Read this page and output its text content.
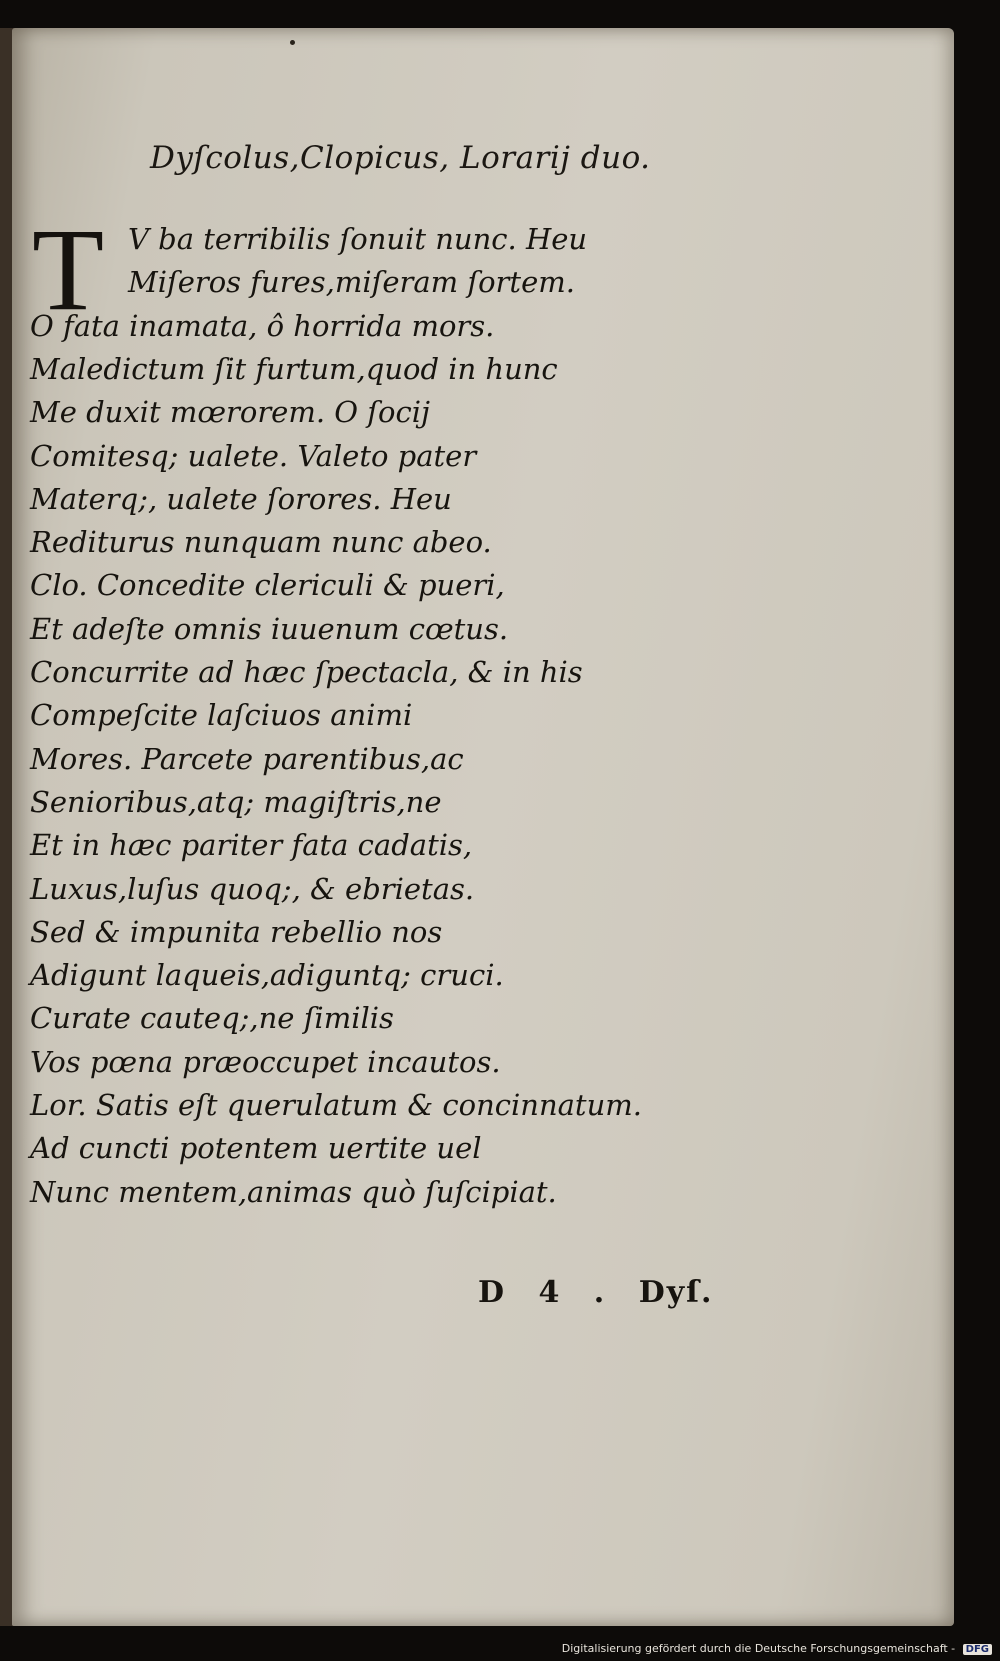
Dyſcolus,Clopicus, Lorarij duo.
T V ba terribilis ſonuit nunc. Heu
Miſeros fures,miſeram ſortem.
O fata inamata, ô horrida mors.
Maledictum ſit furtum,quod in hunc
Me duxit mœrorem. O ſocij
Comitesq; ualete. Valeto pater
Materq;, ualete ſorores. Heu
Rediturus nunquam nunc abeo.
Clo. Concedite clericuli & pueri,
Et adeſte omnis iuuenum cœtus.
Concurrite ad hæc ſpectacla, & in his
Compeſcite laſciuos animi
Mores. Parcete parentibus,ac
Senioribus,atq; magiſtris,ne
Et in hæc pariter fata cadatis,
Luxus,luſus quoq;, & ebrietas.
Sed & impunita rebellio nos
Adigunt laqueis,adiguntq; cruci.
Curate cauteq;,ne ſimilis
Vos pœna præoccupet incautos.
Lor. Satis eſt querulatum & concinnatum.
Ad cuncti potentem uertite uel
Nunc mentem,animas quò ſuſcipiat.
D 4 . Dyſ.
Digitalisierung gefördert durch die Deutsche Forschungsgemeinschaft - DFG
